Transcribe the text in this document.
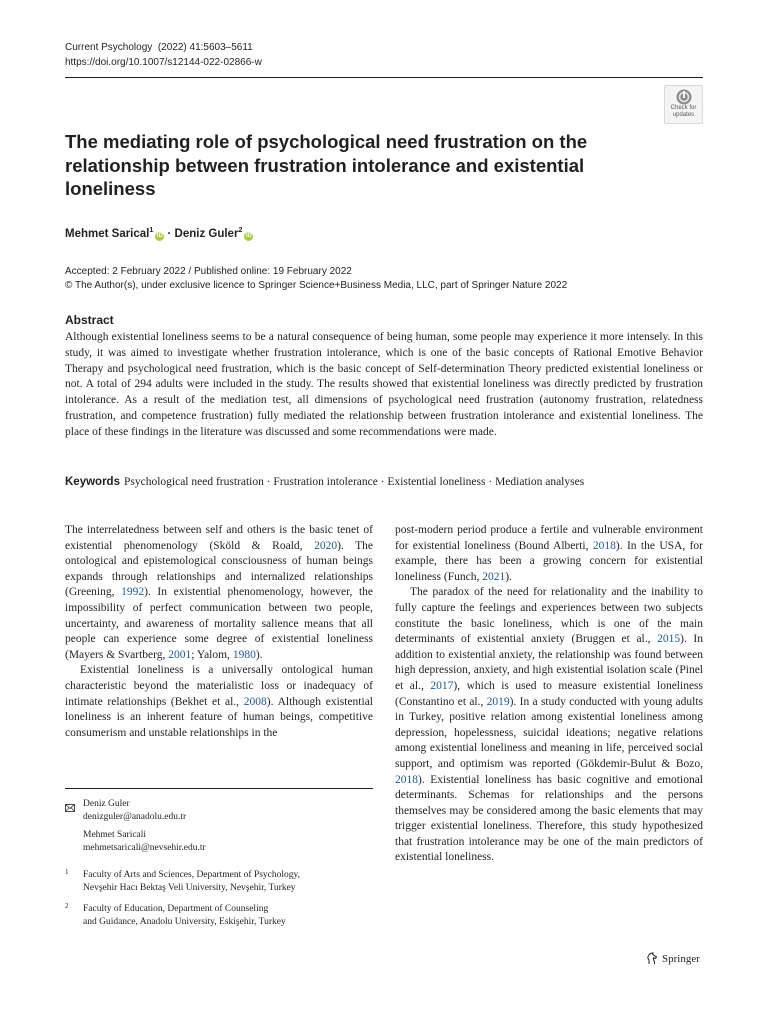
Current Psychology (2022) 41:5603–5611
https://doi.org/10.1007/s12144-022-02866-w
Check for
updates
The mediating role of psychological need frustration on the relationship between frustration intolerance and existential loneliness
Mehmet Sarical$^1$iD · Deniz Guler$^2$iD
Accepted: 2 February 2022 / Published online: 19 February 2022
© The Author(s), under exclusive licence to Springer Science+Business Media, LLC, part of Springer Nature 2022
Abstract
Although existential loneliness seems to be a natural consequence of being human, some people may experience it more intensely. In this study, it was aimed to investigate whether frustration intolerance, which is one of the basic concepts of Rational Emotive Behavior Therapy and psychological need frustration, which is the basic concept of Self-determination Theory predicted existential loneliness or not. A total of 294 adults were included in the study. The results showed that existential loneliness was directly predicted by frustration intolerance. As a result of the mediation test, all dimensions of psychological need frustration (autonomy frustration, relatedness frustration, and competence frustration) fully mediated the relationship between frustration intolerance and existential loneliness. The place of these findings in the literature was discussed and some recommendations were made.
Keywords Psychological need frustration · Frustration intolerance · Existential loneliness · Mediation analyses

The interrelatedness between self and others is the basic tenet of existential phenomenology (Sköld & Roald, 2020). The ontological and epistemological consciousness of human beings expands through relationships and internalized relationships (Greening, 1992). In existential phenomenology, however, the impossibility of perfect communication between two people, uncertainty, and awareness of mortality salience means that all people can experience some degree of existential loneliness (Mayers & Svartberg, 2001; Yalom, 1980).

Existential loneliness is a universally ontological human characteristic beyond the materialistic loss or inadequacy of intimate relationships (Bekhet et al., 2008). Although existential loneliness is an inherent feature of human beings, competitive consumerism and unstable relationships in the

post-modern period produce a fertile and vulnerable environment for existential loneliness (Bound Alberti, 2018). In the USA, for example, there has been a growing concern for existential loneliness (Funch, 2021).

The paradox of the need for relationality and the inability to fully capture the feelings and experiences between two subjects constitute the basic loneliness, which is one of the main determinants of existential anxiety (Bruggen et al., 2015). In addition to existential anxiety, the relationship was found between high depression, anxiety, and high existential isolation scale (Pinel et al., 2017), which is used to measure existential loneliness (Constantino et al., 2019). In a study conducted with young adults in Turkey, positive relation among existential loneliness among depression, hopelessness, suicidal ideations; negative relations among existential loneliness and meaning in life, perceived social support, and optimism was reported (Gökdemir-Bulut & Bozo, 2018). Existential loneliness has basic cognitive and emotional determinants. Schemas for relationships and the persons themselves may be considered among the basic elements that may trigger existential loneliness. Therefore, this study hypothesized that frustration intolerance may be one of the main predictors of existential loneliness.

Deniz Guler
denizguler@anadolu.edu.tr
Mehmet Saricali
mehmetsaricali@nevsehir.edu.tr
1 Faculty of Arts and Sciences, Department of Psychology,
Nevşehir Hacı Bektaş Veli University, Nevşehir, Turkey
2 Faculty of Education, Department of Counseling
and Guidance, Anadolu University, Eskişehir, Turkey
Springer
